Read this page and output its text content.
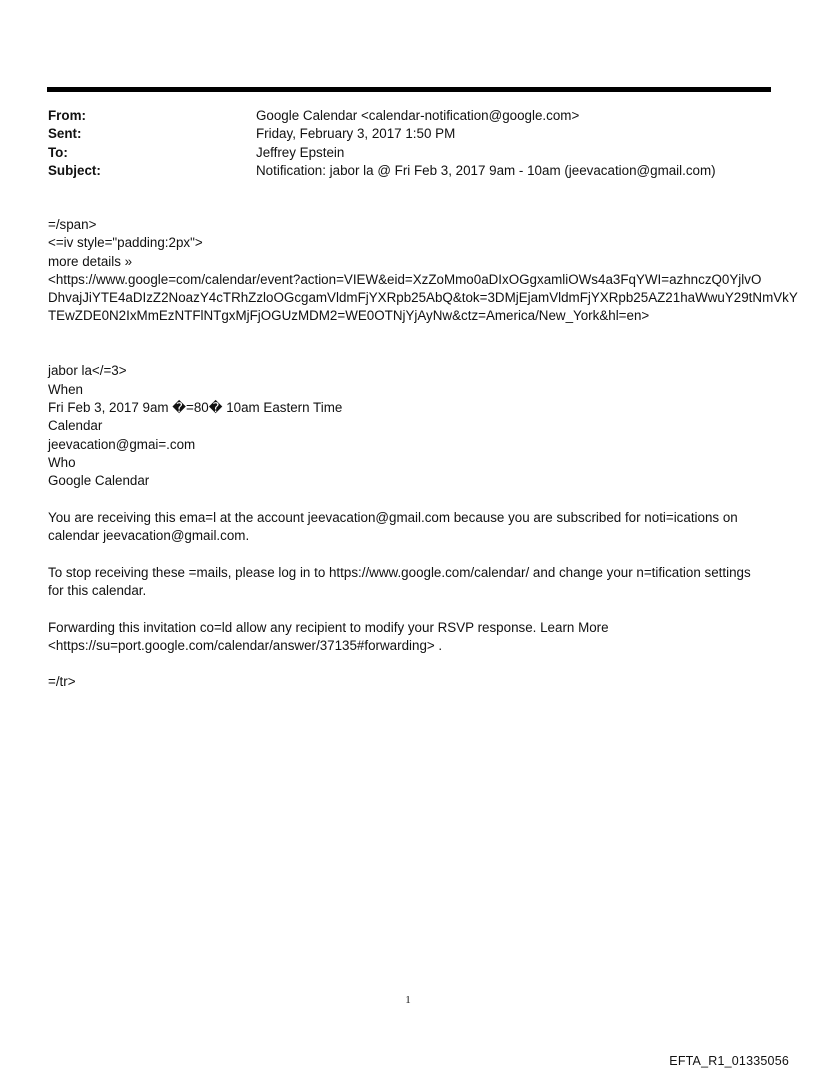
From:	Google Calendar <calendar-notification@google.com>
Sent:	Friday, February 3, 2017 1:50 PM
To:	Jeffrey Epstein
Subject:	Notification: jabor la @ Fri Feb 3, 2017 9am - 10am (jeevacation@gmail.com)
=/span>
<=iv style="padding:2px">
more details »
<https://www.google=com/calendar/event?action=VIEW&eid=XzZoMmo0aDIxOGgxamliOWs4a3FqYWI=azhnczQ0YjlvO
DhvajJiYTE4aDIzZ2NoazY4cTRhZzloOGcgamVldmFjYXRpb25AbQ&tok=3DMjEjamVldmFjYXRpb25AZ21haWwuY29tNmVkY
TEwZDE0N2IxMmEzNTFlNTgxMjFjOGUzMDM2=WE0OTNjYjAyNw&ctz=America/New_York&hl=en>
jabor la</=3>
When
Fri Feb 3, 2017 9am �=80� 10am Eastern Time
Calendar
jeevacation@gmai=.com
Who
Google Calendar
You are receiving this ema=l at the account jeevacation@gmail.com because you are subscribed for noti=ications on
calendar jeevacation@gmail.com.
To stop receiving these =mails, please log in to https://www.google.com/calendar/ and change your n=tification settings
for this calendar.
Forwarding this invitation co=ld allow any recipient to modify your RSVP response. Learn More
<https://su=port.google.com/calendar/answer/37135#forwarding> .
=/tr>
1
EFTA_R1_01335056
